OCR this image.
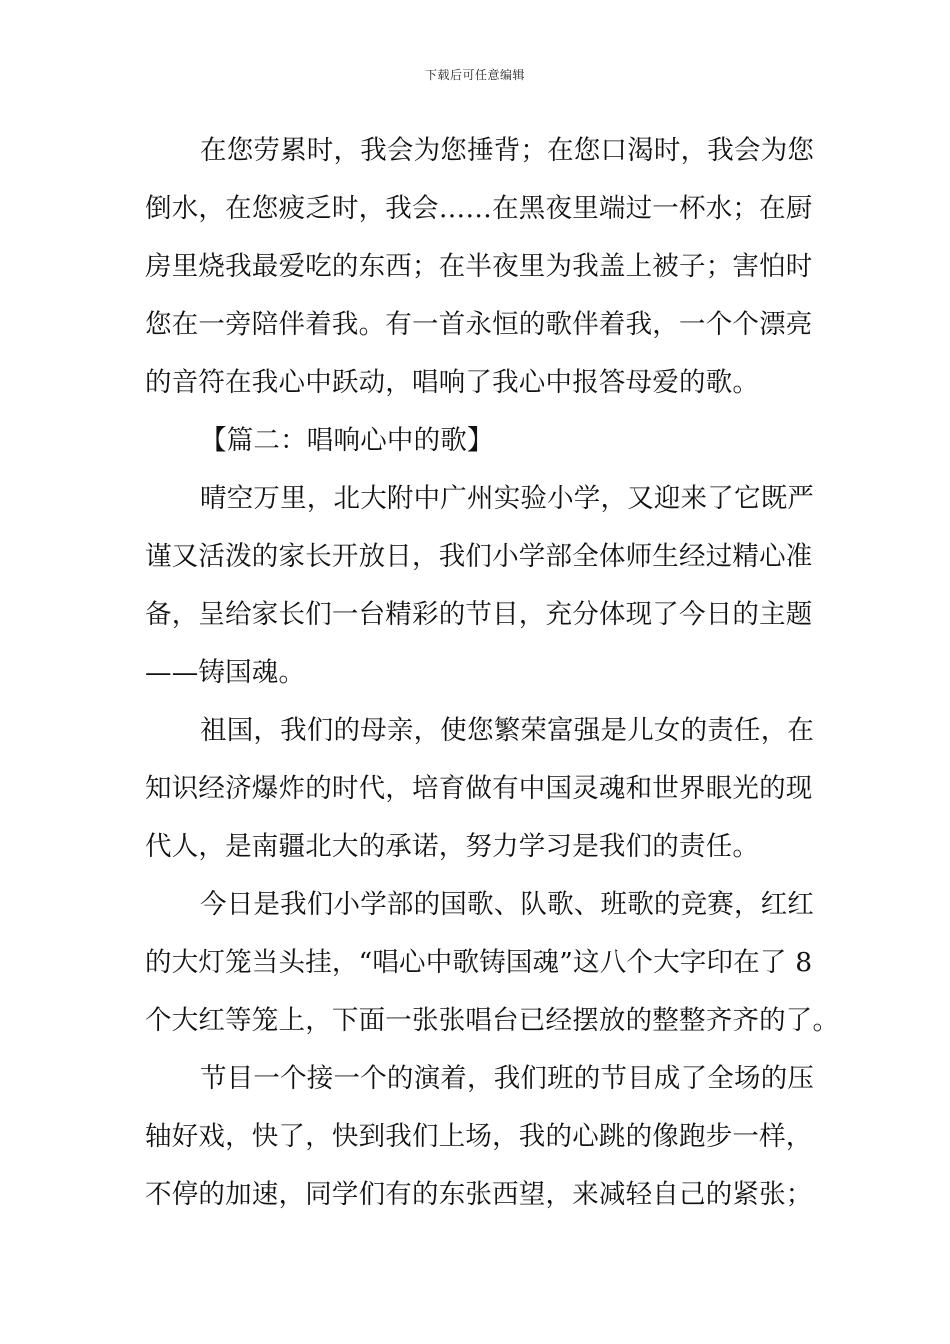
下载后可任意编辑
在您劳累时，我会为您捶背；在您口渴时，我会为您
倒水，在您疲乏时，我会……在黑夜里端过一杯水；在厨
房里烧我最爱吃的东西；在半夜里为我盖上被子；害怕时
您在一旁陪伴着我。有一首永恒的歌伴着我，一个个漂亮
的音符在我心中跃动，唱响了我心中报答母爱的歌。
【篇二：唱响心中的歌】
晴空万里，北大附中广州实验小学，又迎来了它既严
谨又活泼的家长开放日，我们小学部全体师生经过精心准
备，呈给家长们一台精彩的节目，充分体现了今日的主题
——铸国魂。
祖国，我们的母亲，使您繁荣富强是儿女的责任，在
知识经济爆炸的时代，培育做有中国灵魂和世界眼光的现
代人，是南疆北大的承诺，努力学习是我们的责任。
今日是我们小学部的国歌、队歌、班歌的竞赛，红红
的大灯笼当头挂，“唱心中歌铸国魂”这八个大字印在了 8
个大红等笼上，下面一张张唱台已经摆放的整整齐齐的了。
节目一个接一个的演着，我们班的节目成了全场的压
轴好戏，快了，快到我们上场，我的心跳的像跑步一样，
不停的加速，同学们有的东张西望，来减轻自己的紧张；
